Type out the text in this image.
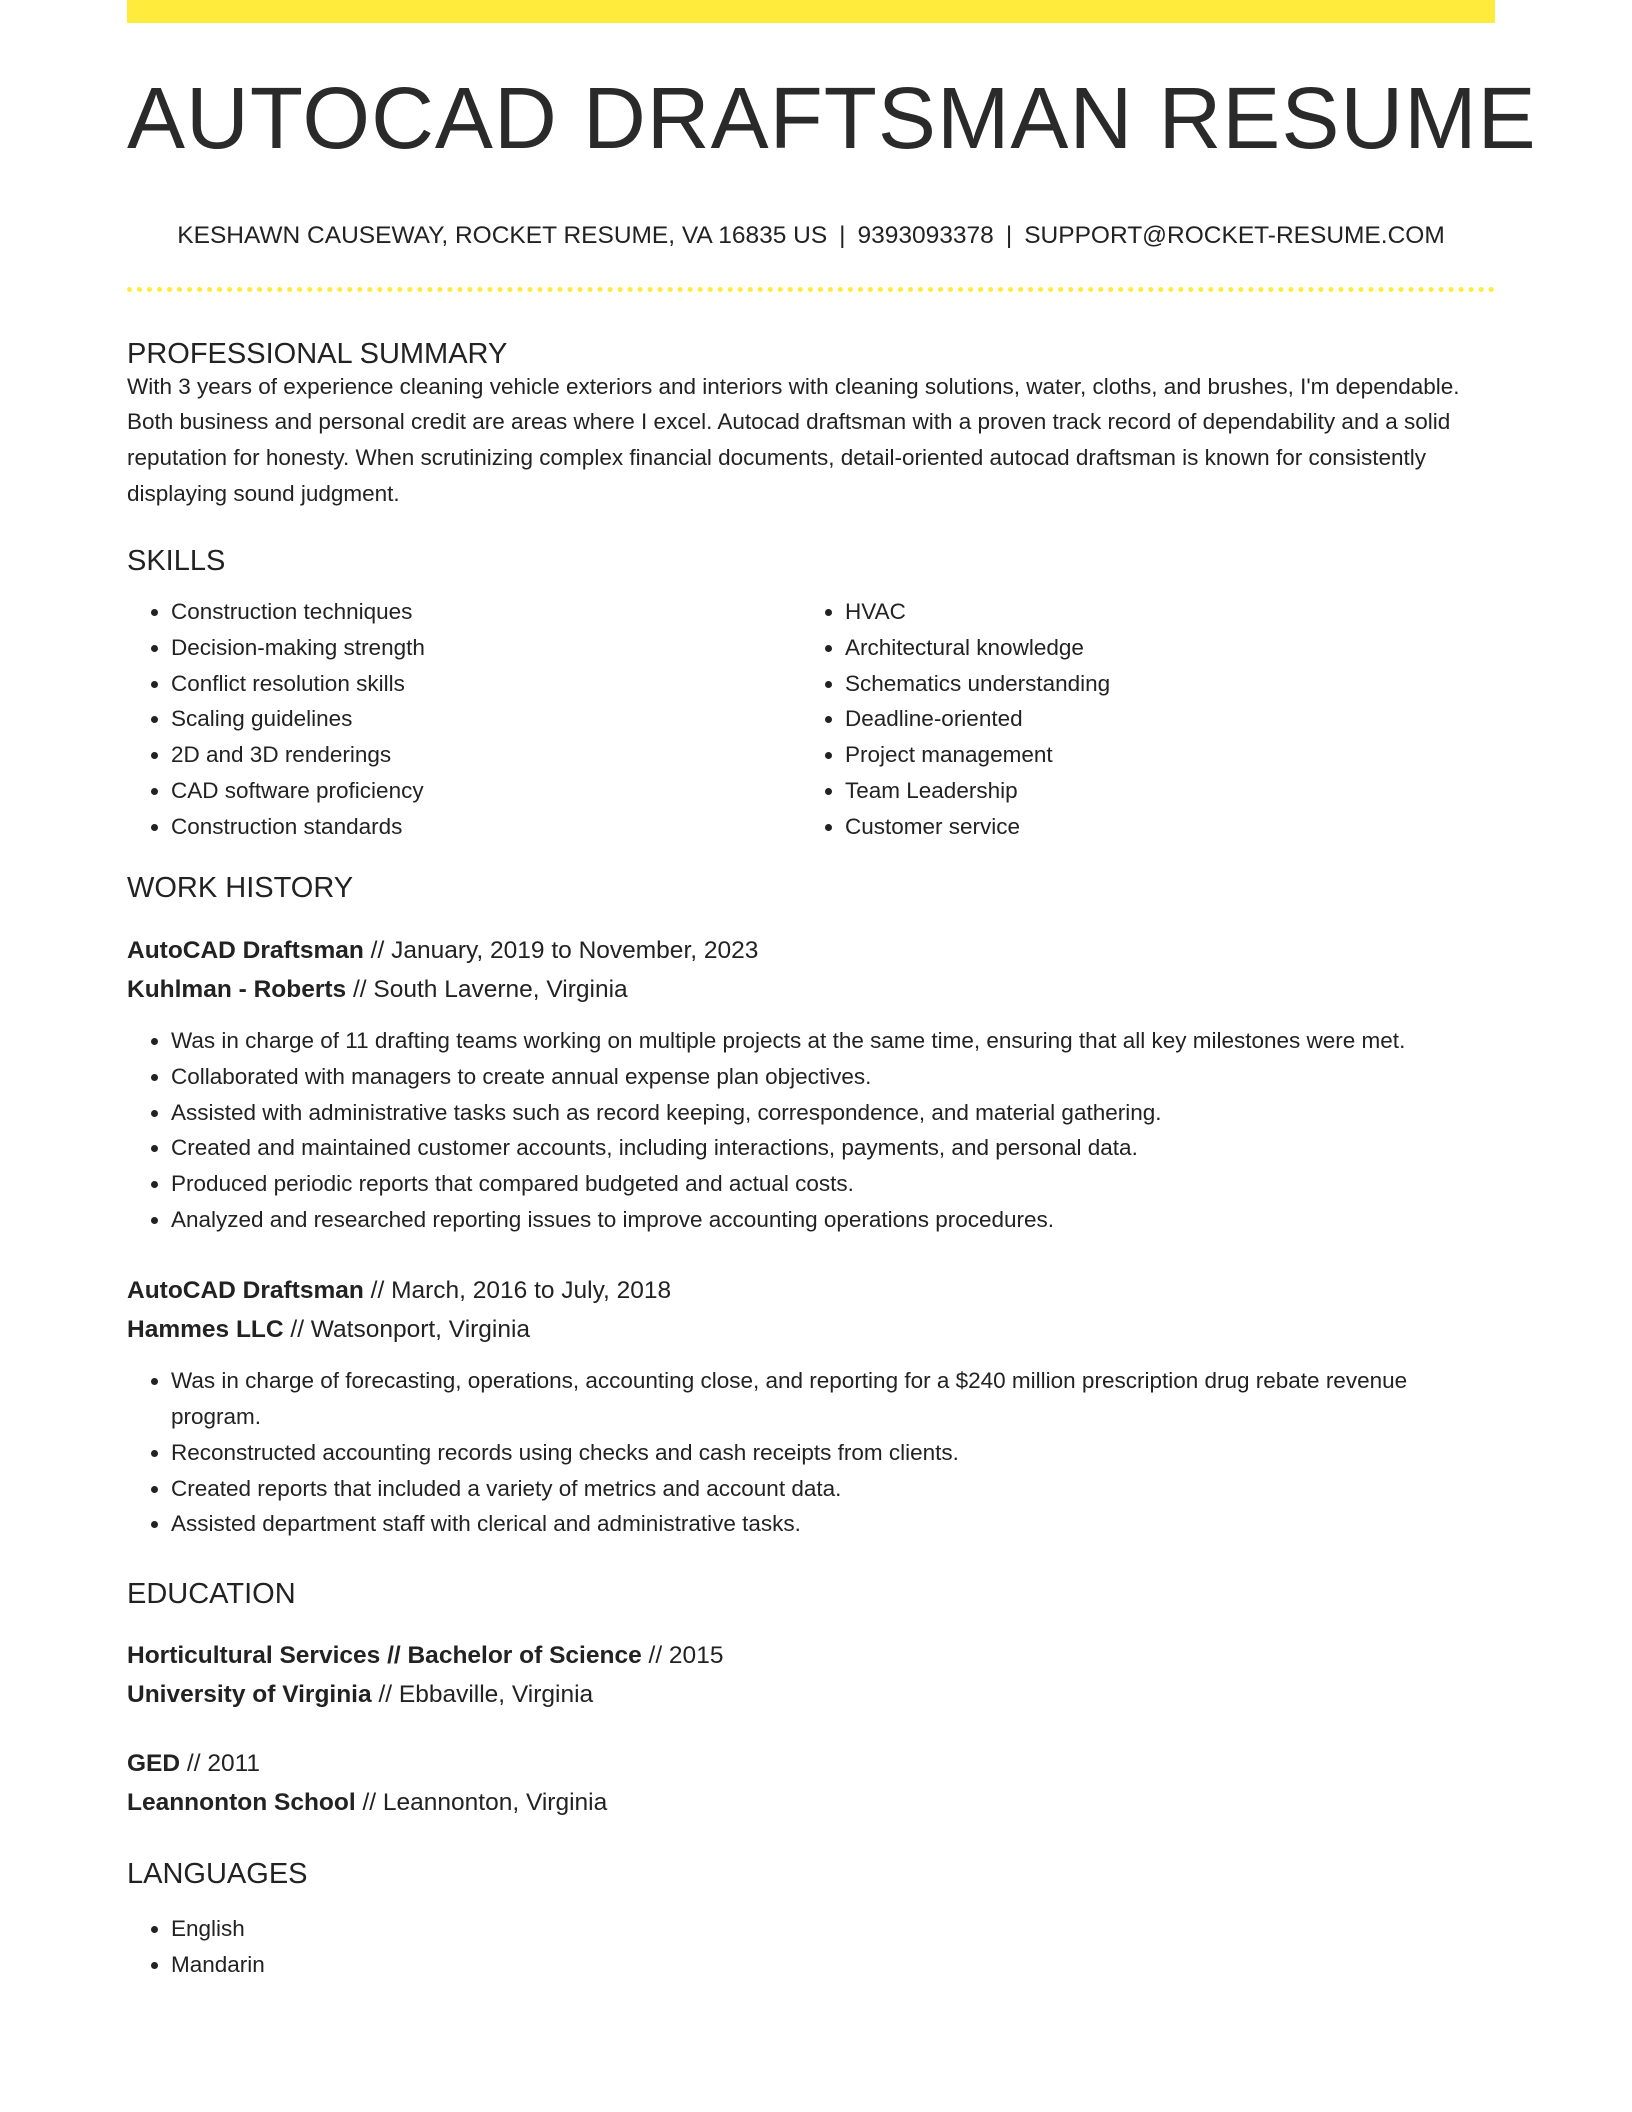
AUTOCAD DRAFTSMAN RESUME
KESHAWN CAUSEWAY, ROCKET RESUME, VA 16835 US | 9393093378 | SUPPORT@ROCKET-RESUME.COM
PROFESSIONAL SUMMARY

With 3 years of experience cleaning vehicle exteriors and interiors with cleaning solutions, water, cloths, and brushes, I'm dependable. Both business and personal credit are areas where I excel. Autocad draftsman with a proven track record of dependability and a solid reputation for honesty. When scrutinizing complex financial documents, detail-oriented autocad draftsman is known for consistently displaying sound judgment.

SKILLS
• Construction techniques
• Decision-making strength
• Conflict resolution skills
• Scaling guidelines
• 2D and 3D renderings
• CAD software proficiency
• Construction standards
• HVAC
• Architectural knowledge
• Schematics understanding
• Deadline-oriented
• Project management
• Team Leadership
• Customer service
WORK HISTORY
AutoCAD Draftsman // January, 2019 to November, 2023
Kuhlman - Roberts // South Laverne, Virginia
• Was in charge of 11 drafting teams working on multiple projects at the same time, ensuring that all key milestones were met.
• Collaborated with managers to create annual expense plan objectives.
• Assisted with administrative tasks such as record keeping, correspondence, and material gathering.
• Created and maintained customer accounts, including interactions, payments, and personal data.
• Produced periodic reports that compared budgeted and actual costs.
• Analyzed and researched reporting issues to improve accounting operations procedures.
AutoCAD Draftsman // March, 2016 to July, 2018
Hammes LLC // Watsonport, Virginia
• Was in charge of forecasting, operations, accounting close, and reporting for a $240 million prescription drug rebate revenue program.
• Reconstructed accounting records using checks and cash receipts from clients.
• Created reports that included a variety of metrics and account data.
• Assisted department staff with clerical and administrative tasks.
EDUCATION
Horticultural Services // Bachelor of Science // 2015
University of Virginia // Ebbaville, Virginia
GED // 2011
Leannonton School // Leannonton, Virginia
LANGUAGES
• English
• Mandarin
